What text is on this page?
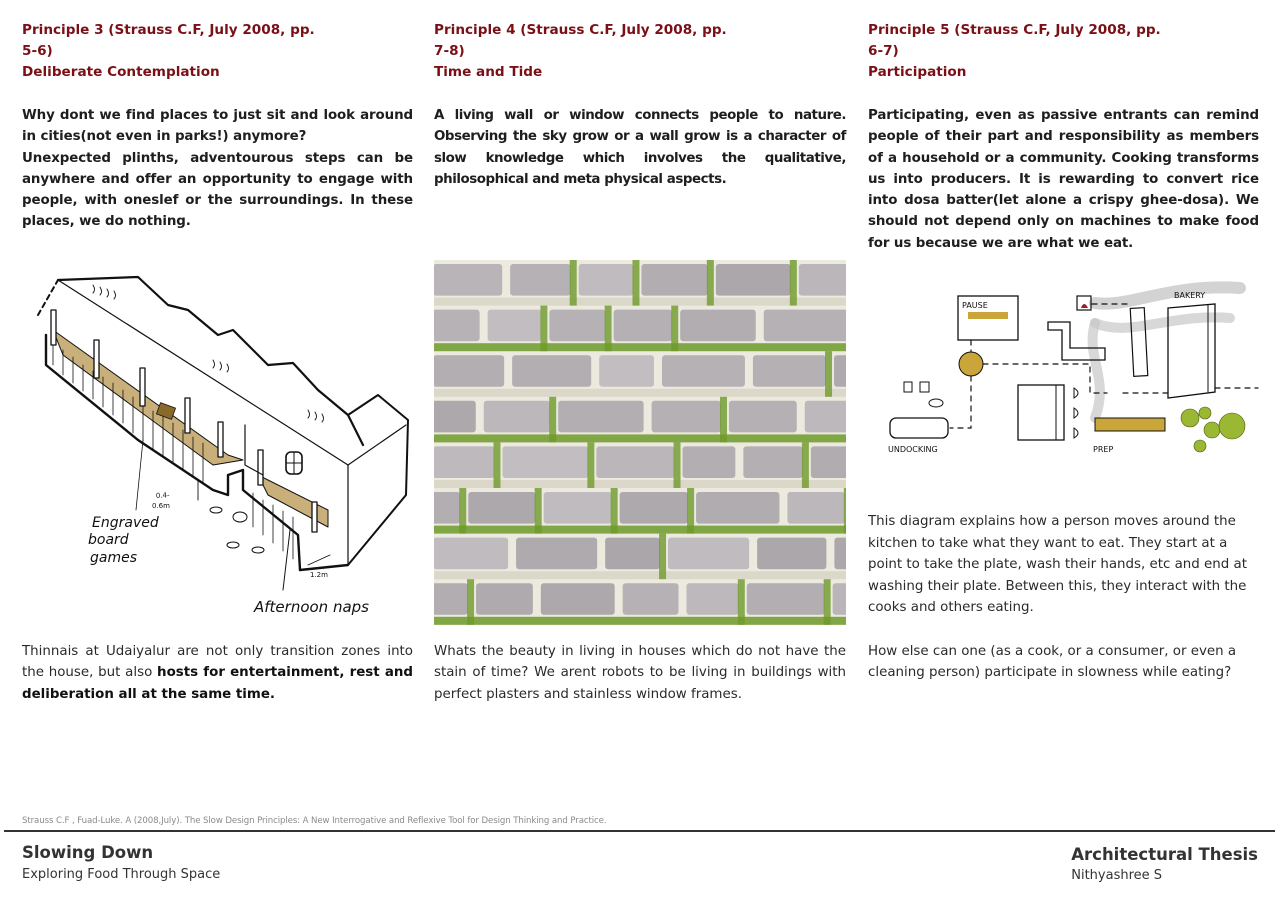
Principle 3 (Strauss C.F, July 2008, pp. 5-6)
Deliberate Contemplation
Why dont we find places to just sit and look around in cities(not even in parks!) anymore?
Unexpected plinths, adventourous steps can be anywhere and offer an opportunity to engage with people, with oneslef or the surroundings. In these places, we do nothing.
Principle 4 (Strauss C.F, July 2008, pp. 7-8)
Time and Tide
A living wall or window connects people to nature. Observing the sky grow or a wall grow is a character of slow knowledge which involves the qualitative, philosophical and meta physical aspects.
Principle 5 (Strauss C.F, July 2008, pp. 6-7)
Participation
Participating, even as passive entrants can remind people of their part and responsibility as members of a household or a community. Cooking transforms us into producers. It is rewarding to convert rice into dosa batter(let alone a crispy ghee-dosa). We should not depend only on machines to make food for us because we are what we eat.
0.4-
0.6m
1.2m
Engraved
board
games
Afternoon naps
PAUSE
BAKERY
UNDOCKING	PREP

Thinnais at Udaiyalur are not only transition zones into the house, but also hosts for entertainment, rest and deliberation all at the same time.

Whats the beauty in living in houses which do not have the stain of time? We arent robots to be living in buildings with perfect plasters and stainless window frames.

This diagram explains how a person moves around the kitchen to take what they want to eat. They start at a point to take the plate, wash their hands, etc and end at washing their plate. Between this, they interact with the cooks and others eating.

How else can one (as a cook, or a consumer, or even a cleaning person) participate in slowness while eating?

Strauss C.F , Fuad-Luke. A (2008,July). The Slow Design Principles: A New Interrogative and Reflexive Tool for Design Thinking and Practice.
Slowing Down
Exploring Food Through Space
Architectural Thesis
Nithyashree S
